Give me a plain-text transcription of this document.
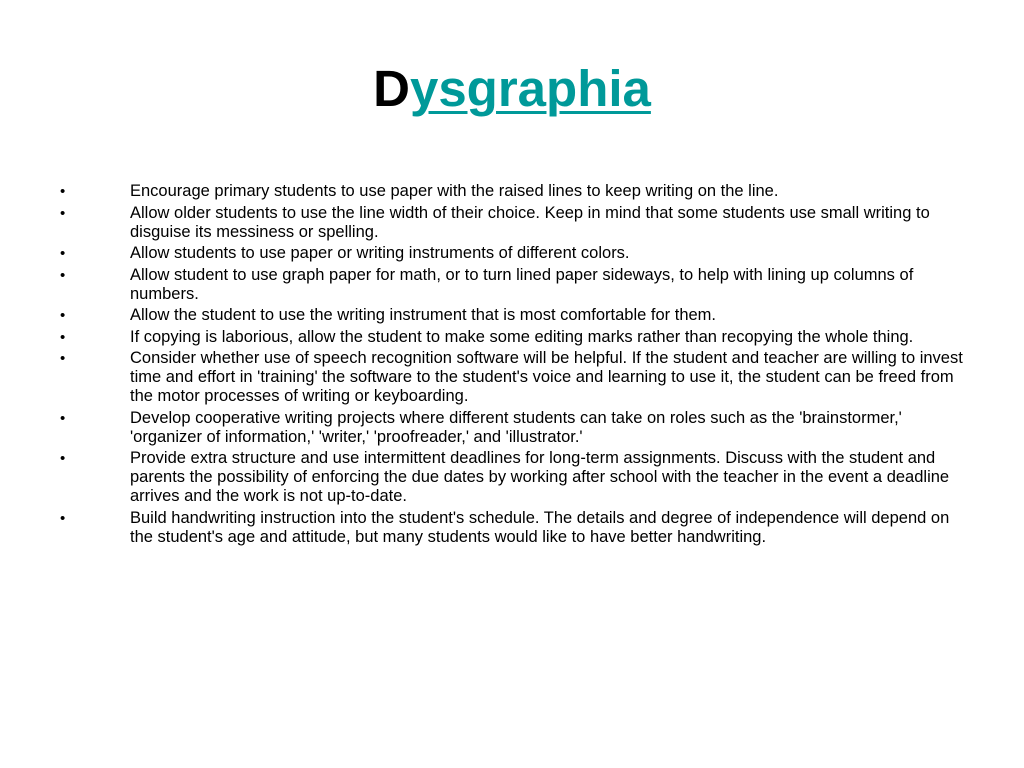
Dysgraphia
•	Encourage primary students to use paper with the raised lines to keep writing on the line.
•	Allow older students to use the line width of their choice. Keep in mind that some students use small writing to disguise its messiness or spelling.
•	Allow students to use paper or writing instruments of different colors.
•	Allow student to use graph paper for math, or to turn lined paper sideways, to help with lining up columns of numbers.
•	Allow the student to use the writing instrument that is most comfortable for them.
•	If copying is laborious, allow the student to make some editing marks rather than recopying the whole thing.
•	Consider whether use of speech recognition software will be helpful. If the student and teacher are willing to invest time and effort in 'training' the software to the student's voice and learning to use it, the student can be freed from the motor processes of writing or keyboarding.
•	Develop cooperative writing projects where different students can take on roles such as the 'brainstormer,' 'organizer of information,' 'writer,' 'proofreader,' and 'illustrator.'
•	Provide extra structure and use intermittent deadlines for long-term assignments. Discuss with the student and parents the possibility of enforcing the due dates by working after school with the teacher in the event a deadline arrives and the work is not up-to-date.
•	Build handwriting instruction into the student's schedule. The details and degree of independence will depend on the student's age and attitude, but many students would like to have better handwriting.
